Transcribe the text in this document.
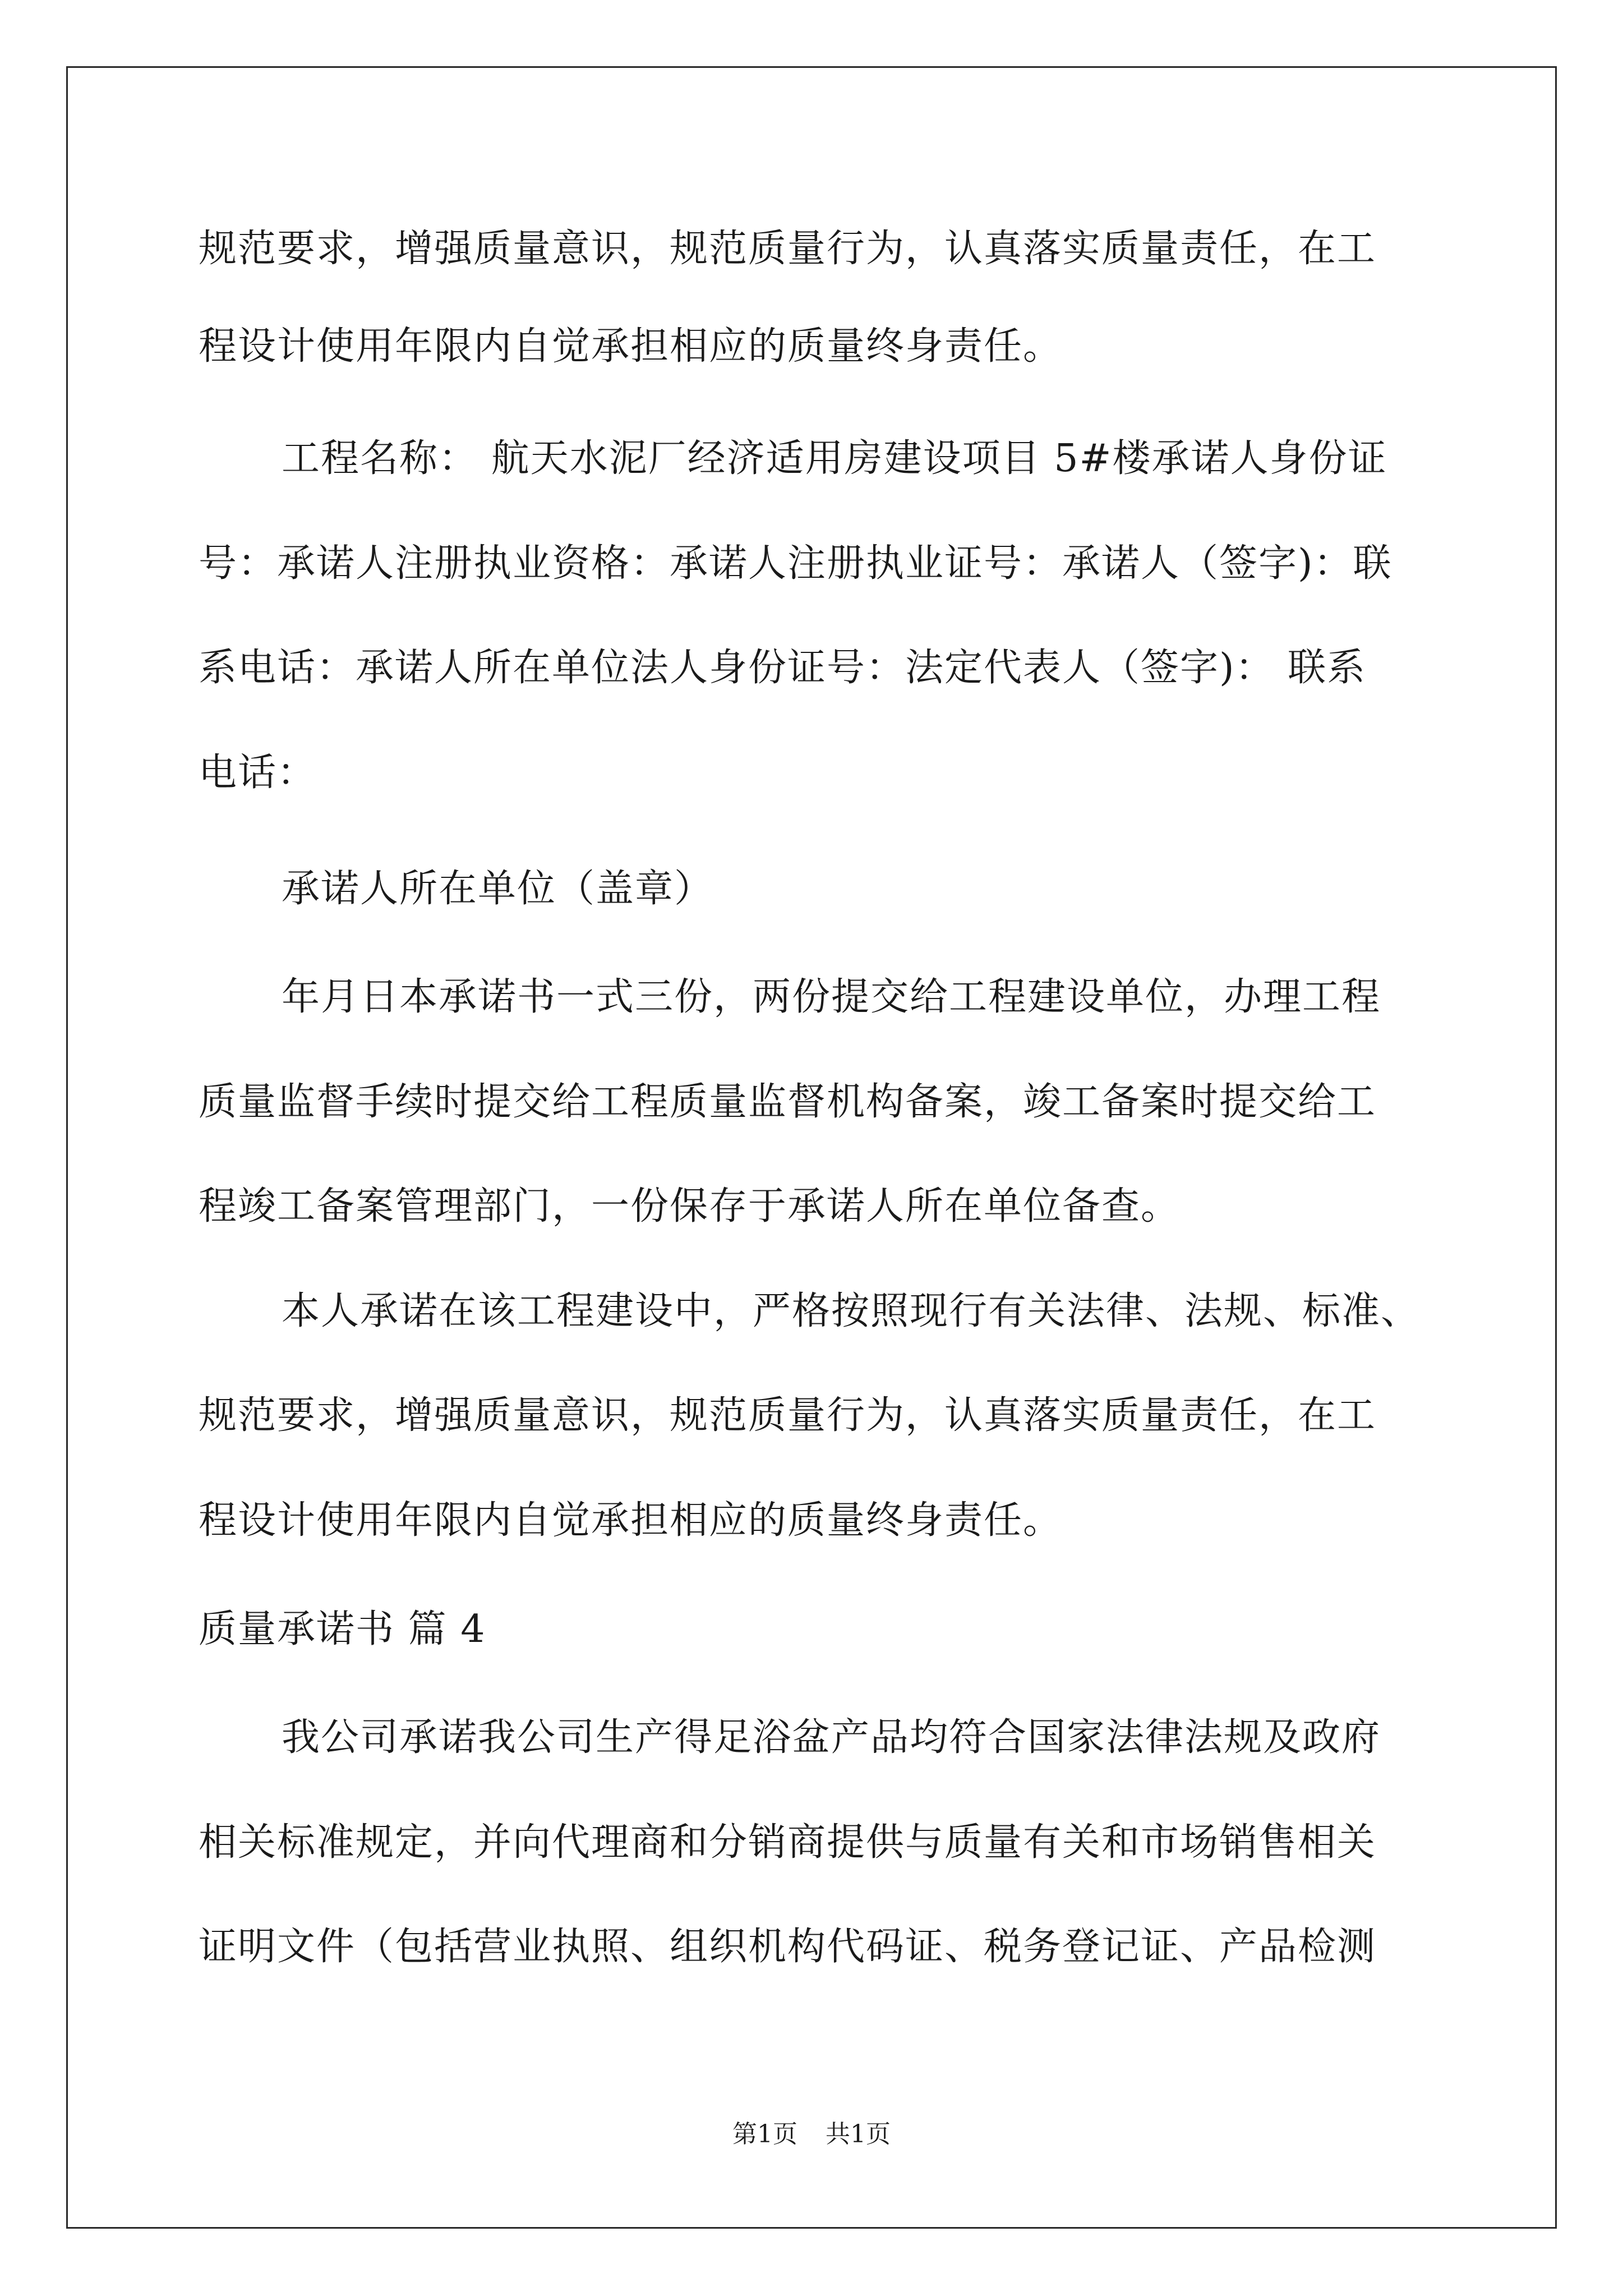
规范要求，增强质量意识，规范质量行为，认真落实质量责任，在工

程设计使用年限内自觉承担相应的质量终身责任。

工程名称： 航天水泥厂经济适用房建设项目 5#楼承诺人身份证

号：承诺人注册执业资格：承诺人注册执业证号：承诺人（签字)：联

系电话：承诺人所在单位法人身份证号：法定代表人（签字)： 联系

电话：

承诺人所在单位（盖章）

年月日本承诺书一式三份，两份提交给工程建设单位，办理工程

质量监督手续时提交给工程质量监督机构备案，竣工备案时提交给工

程竣工备案管理部门，一份保存于承诺人所在单位备查。

本人承诺在该工程建设中，严格按照现行有关法律、法规、标准、

规范要求，增强质量意识，规范质量行为，认真落实质量责任，在工

程设计使用年限内自觉承担相应的质量终身责任。

质量承诺书 篇 4

我公司承诺我公司生产得足浴盆产品均符合国家法律法规及政府

相关标准规定，并向代理商和分销商提供与质量有关和市场销售相关

证明文件（包括营业执照、组织机构代码证、税务登记证、产品检测

第1页 共1页
